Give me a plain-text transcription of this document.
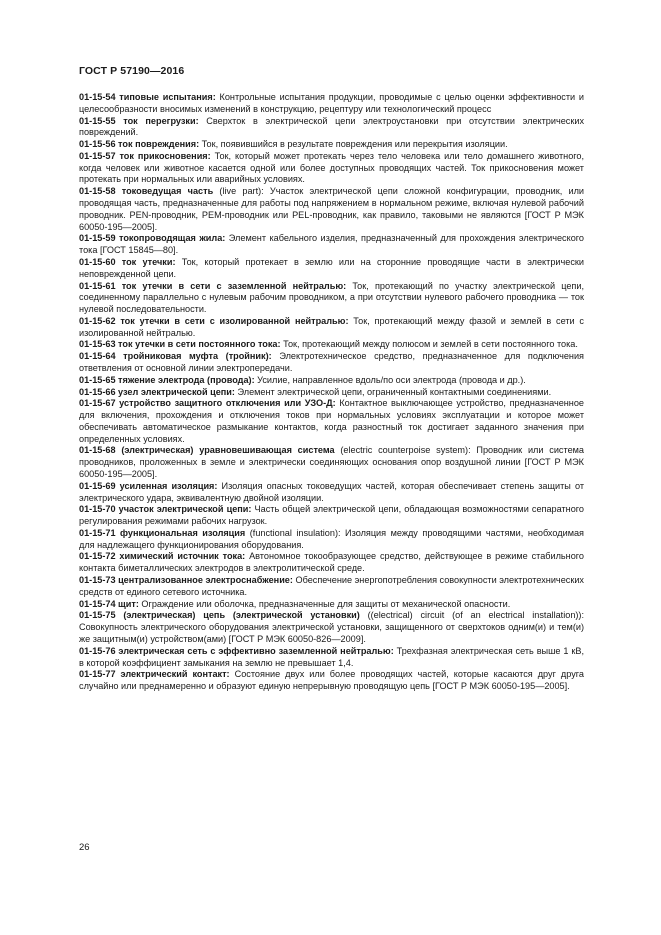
ГОСТ Р 57190—2016

01-15-54 типовые испытания: Контрольные испытания продукции, проводимые с целью оценки эффективности и целесообразности вносимых изменений в конструкцию, рецептуру или технологический процесс

01-15-55 ток перегрузки: Сверхток в электрической цепи электроустановки при отсутствии электрических повреждений.

01-15-56 ток повреждения: Ток, появившийся в результате повреждения или перекрытия изоляции.

01-15-57 ток прикосновения: Ток, который может протекать через тело человека или тело домашнего животного, когда человек или животное касается одной или более доступных проводящих частей. Ток прикосновения может протекать при нормальных или аварийных условиях.

01-15-58 токоведущая часть (live part): Участок электрической цепи сложной конфигурации, проводник, или проводящая часть, предназначенные для работы под напряжением в нормальном режиме, включая нулевой рабочий проводник. PEN-проводник, PEM-проводник или PEL-проводник, как правило, таковыми не являются [ГОСТ Р МЭК 60050-195—2005].

01-15-59 токопроводящая жила: Элемент кабельного изделия, предназначенный для прохождения электрического тока [ГОСТ 15845—80].

01-15-60 ток утечки: Ток, который протекает в землю или на сторонние проводящие части в электрически неповрежденной цепи.

01-15-61 ток утечки в сети с заземленной нейтралью: Ток, протекающий по участку электрической цепи, соединенному параллельно с нулевым рабочим проводником, а при отсутствии нулевого рабочего проводника — ток нулевой последовательности.

01-15-62 ток утечки в сети с изолированной нейтралью: Ток, протекающий между фазой и землей в сети с изолированной нейтралью.

01-15-63 ток утечки в сети постоянного тока: Ток, протекающий между полюсом и землей в сети постоянного тока.

01-15-64 тройниковая муфта (тройник): Электротехническое средство, предназначенное для подключения ответвления от основной линии электропередачи.

01-15-65 тяжение электрода (провода): Усилие, направленное вдоль/по оси электрода (провода и др.).

01-15-66 узел электрической цепи: Элемент электрической цепи, ограниченный контактными соединениями.

01-15-67 устройство защитного отключения или УЗО-Д: Контактное выключающее устройство, предназначенное для включения, прохождения и отключения токов при нормальных условиях эксплуатации и которое может обеспечивать автоматическое размыкание контактов, когда разностный ток достигает заданного значения при определенных условиях.

01-15-68 (электрическая) уравновешивающая система (electric counterpoise system): Проводник или система проводников, проложенных в земле и электрически соединяющих основания опор воздушной линии [ГОСТ Р МЭК 60050-195—2005].

01-15-69 усиленная изоляция: Изоляция опасных токоведущих частей, которая обеспечивает степень защиты от электрического удара, эквивалентную двойной изоляции.

01-15-70 участок электрической цепи: Часть общей электрической цепи, обладающая возможностями сепаратного регулирования режимами рабочих нагрузок.

01-15-71 функциональная изоляция (functional insulation): Изоляция между проводящими частями, необходимая для надлежащего функционирования оборудования.

01-15-72 химический источник тока: Автономное токообразующее средство, действующее в режиме стабильного контакта биметаллических электродов в электролитической среде.

01-15-73 централизованное электроснабжение: Обеспечение энергопотребления совокупности электротехнических средств от единого сетевого источника.

01-15-74 щит: Ограждение или оболочка, предназначенные для защиты от механической опасности.

01-15-75 (электрическая) цепь (электрической установки) ((electrical) circuit (of an electrical installation)): Совокупность электрического оборудования электрической установки, защищенного от сверхтоков одним(и) и тем(и) же защитным(и) устройством(ами) [ГОСТ Р МЭК 60050-826—2009].

01-15-76 электрическая сеть с эффективно заземленной нейтралью: Трехфазная электрическая сеть выше 1 кВ, в которой коэффициент замыкания на землю не превышает 1,4.

01-15-77 электрический контакт: Состояние двух или более проводящих частей, которые касаются друг друга случайно или преднамеренно и образуют единую непрерывную проводящую цепь [ГОСТ Р МЭК 60050-195—2005].

26
